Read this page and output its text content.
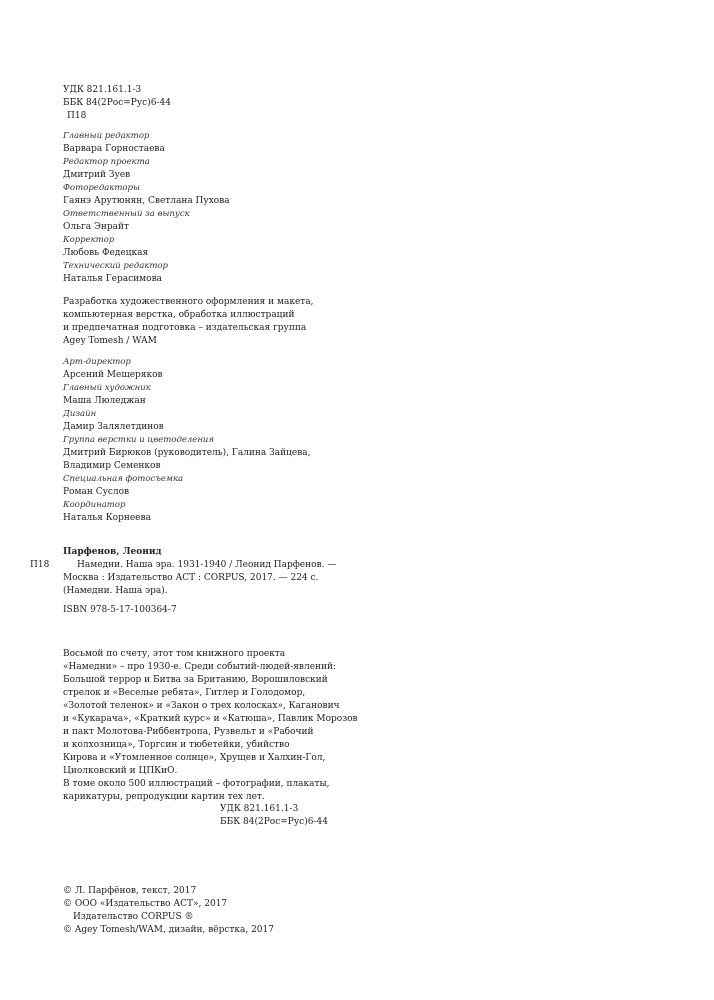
УДК 821.161.1-3
ББК 84(2Рос=Рус)6-44
П18
Главный редактор
Варвара Горностаева
Редактор проекта
Дмитрий Зуев
Фоторедакторы
Гаянэ Арутюнян, Светлана Пухова
Ответственный за выпуск
Ольга Энрайт
Корректор
Любовь Федецкая
Технический редактор
Наталья Герасимова
Разработка художественного оформления и макета,
компьютерная верстка, обработка иллюстраций
и предпечатная подготовка – издательская группа
Agey Tomesh / WAM
Арт-директор
Арсений Мещеряков
Главный художник
Маша Люледжан
Дизайн
Дамир Залялетдинов
Группа верстки и цветоделения
Дмитрий Бирюков (руководитель), Галина Зайцева,
Владимир Семенков
Специальная фотосъемка
Роман Суслов
Координатор
Наталья Корнеева
Парфенов, Леонид
П18	Намедни. Наша эра. 1931-1940 / Леонид Парфенов. —
Москва : Издательство АСТ : CORPUS, 2017. — 224 с.
(Намедни. Наша эра).
ISBN 978-5-17-100364-7
Восьмой по счету, этот том книжного проекта
«Намедни» – про 1930-е. Среди событий-людей-явлений:
Большой террор и Битва за Британию, Ворошиловский
стрелок и «Веселые ребята», Гитлер и Голодомор,
«Золотой теленок» и «Закон о трех колосках», Каганович
и «Кукарача», «Краткий курс» и «Катюша», Павлик Морозов
и пакт Молотова-Риббентропа, Рузвельт и «Рабочий
и колхозница», Торгсин и тюбетейки, убийство
Кирова и «Утомленное солнце», Хрущев и Халхин-Гол,
Циолковский и ЦПКиО.
В томе около 500 иллюстраций – фотографии, плакаты,
карикатуры, репродукции картин тех лет.
УДК 821.161.1-3
ББК 84(2Рос=Рус)6-44
© Л. Парфёнов, текст, 2017
© ООО «Издательство АСТ», 2017
Издательство CORPUS ®
© Agey Tomesh/WAM, дизайн, вёрстка, 2017
